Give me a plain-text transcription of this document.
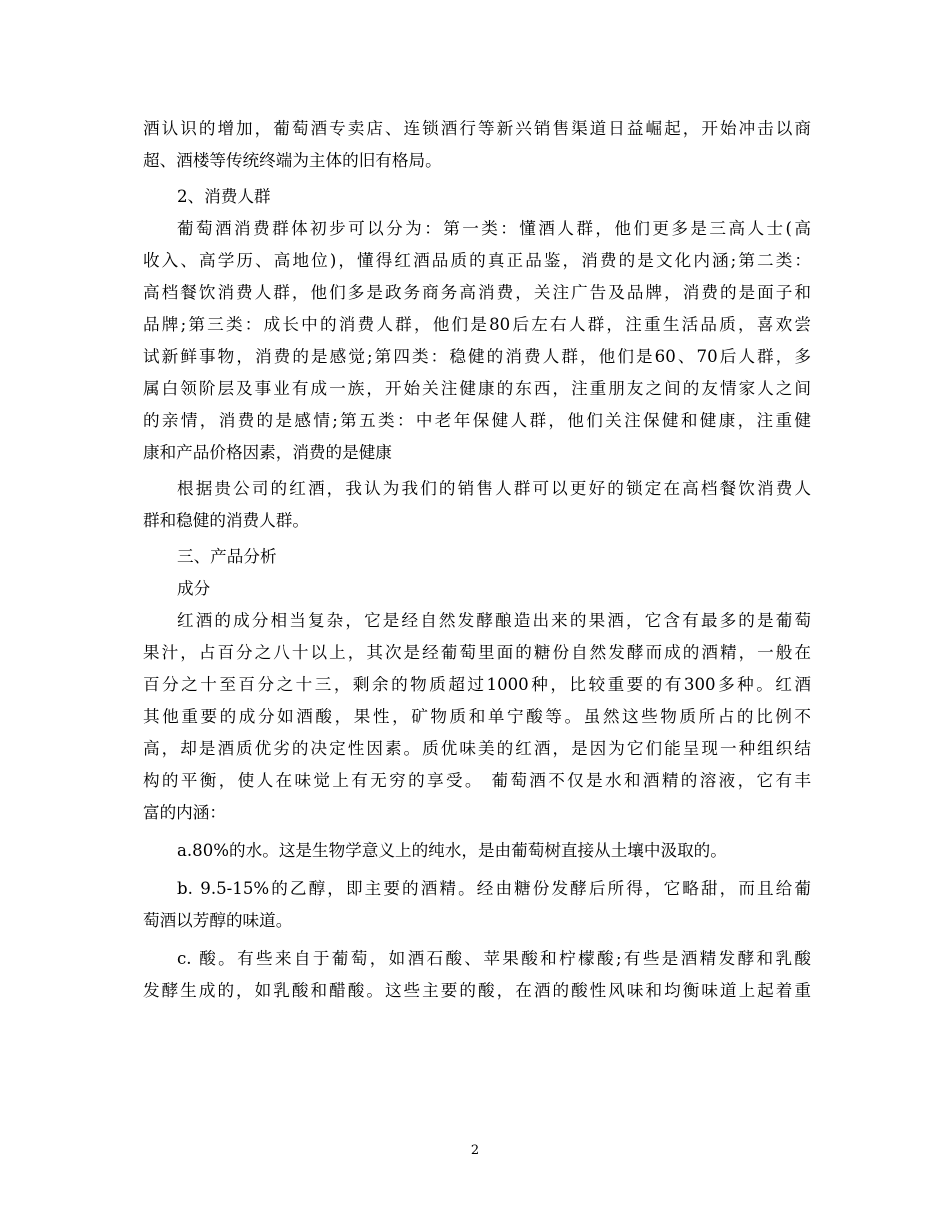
酒认识的增加，葡萄酒专卖店、连锁酒行等新兴销售渠道日益崛起，开始冲击以商
超、酒楼等传统终端为主体的旧有格局。
2、消费人群
葡萄酒消费群体初步可以分为：第一类：懂酒人群，他们更多是三高人士(高
收入、高学历、高地位)，懂得红酒品质的真正品鉴，消费的是文化内涵;第二类：
高档餐饮消费人群，他们多是政务商务高消费，关注广告及品牌，消费的是面子和
品牌;第三类：成长中的消费人群，他们是80后左右人群，注重生活品质，喜欢尝
试新鲜事物，消费的是感觉;第四类：稳健的消费人群，他们是60、70后人群，多
属白领阶层及事业有成一族，开始关注健康的东西，注重朋友之间的友情家人之间
的亲情，消费的是感情;第五类：中老年保健人群，他们关注保健和健康，注重健
康和产品价格因素，消费的是健康
根据贵公司的红酒，我认为我们的销售人群可以更好的锁定在高档餐饮消费人
群和稳健的消费人群。
三、产品分析
成分
红酒的成分相当复杂，它是经自然发酵酿造出来的果酒，它含有最多的是葡萄
果汁，占百分之八十以上，其次是经葡萄里面的糖份自然发酵而成的酒精，一般在
百分之十至百分之十三，剩余的物质超过1000种，比较重要的有300多种。红酒
其他重要的成分如酒酸，果性，矿物质和单宁酸等。虽然这些物质所占的比例不
高，却是酒质优劣的决定性因素。质优味美的红酒，是因为它们能呈现一种组织结
构的平衡，使人在味觉上有无穷的享受。 葡萄酒不仅是水和酒精的溶液，它有丰
富的内涵：
a.80%的水。这是生物学意义上的纯水，是由葡萄树直接从土壤中汲取的。
b. 9.5-15%的乙醇，即主要的酒精。经由糖份发酵后所得，它略甜，而且给葡
萄酒以芳醇的味道。
c. 酸。有些来自于葡萄，如酒石酸、苹果酸和柠檬酸;有些是酒精发酵和乳酸
发酵生成的，如乳酸和醋酸。这些主要的酸，在酒的酸性风味和均衡味道上起着重
2
